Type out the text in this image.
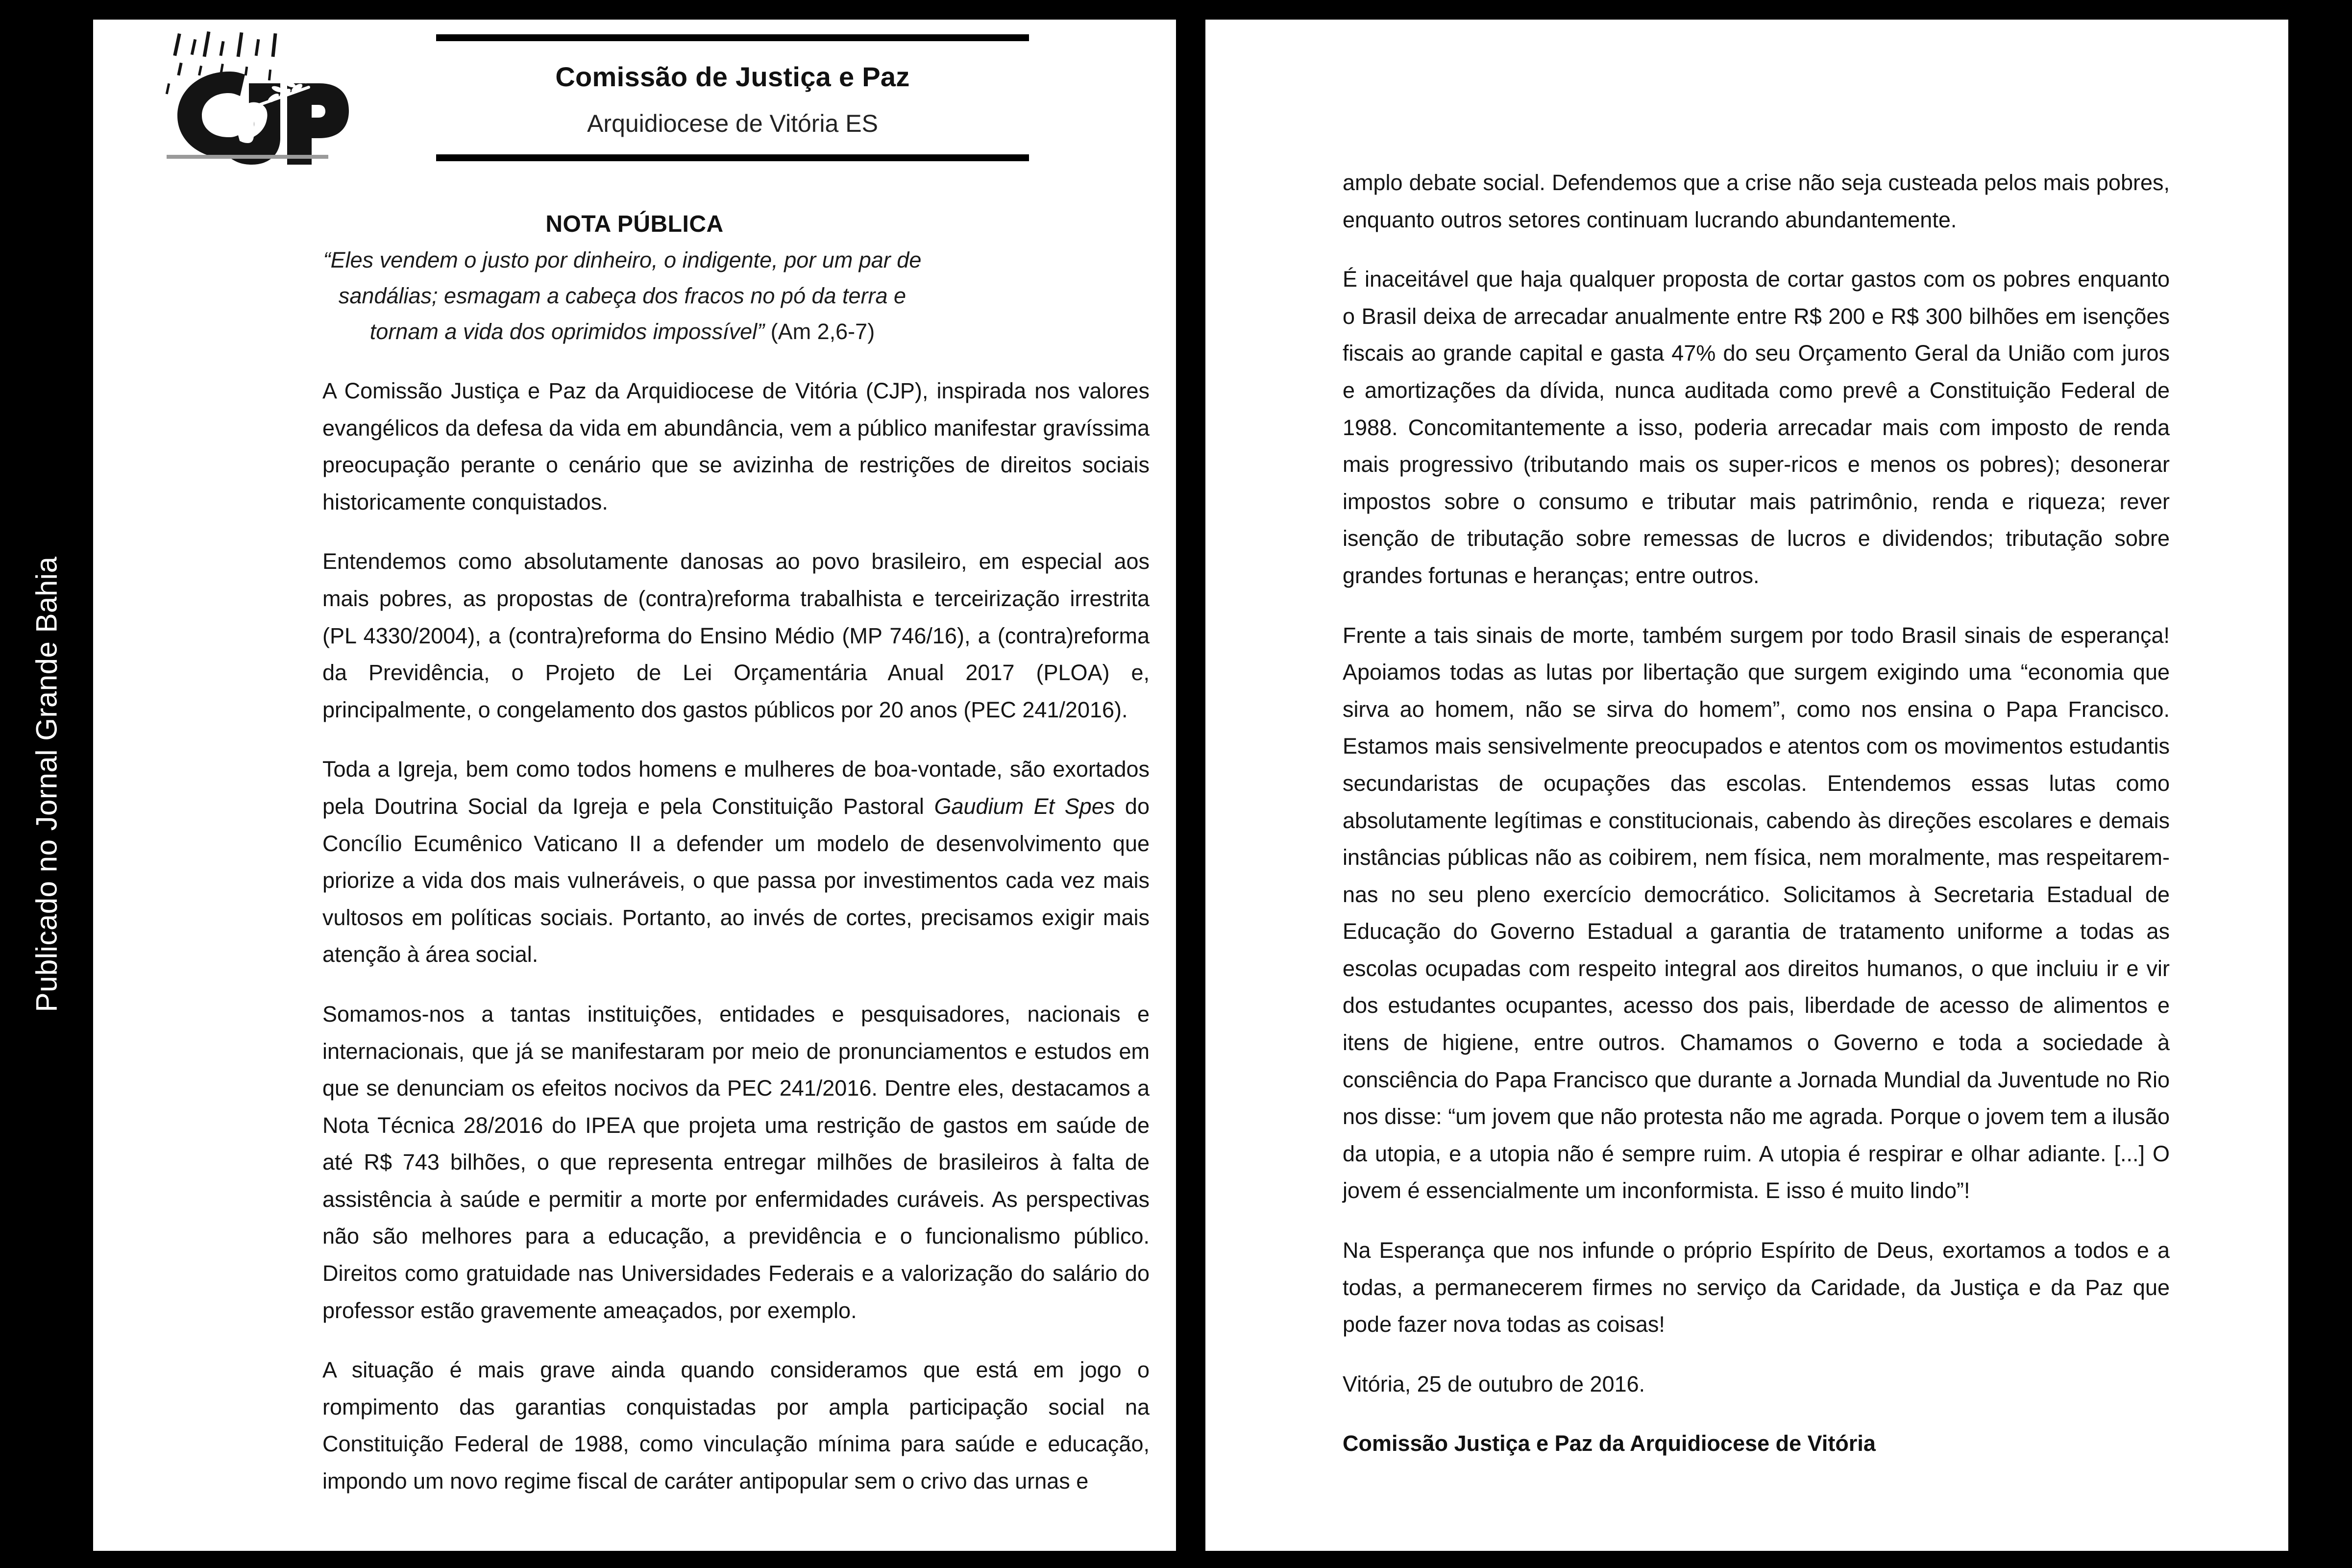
Publicado no Jornal Grande Bahia
Comissão de Justiça e Paz
Arquidiocese de Vitória ES
NOTA PÚBLICA
“Eles vendem o justo por dinheiro, o indigente, por um par de sandálias; esmagam a cabeça dos fracos no pó da terra e tornam a vida dos oprimidos impossível” (Am 2,6-7)

A Comissão Justiça e Paz da Arquidiocese de Vitória (CJP), inspirada nos valores evangélicos da defesa da vida em abundância, vem a público manifestar gravíssima preocupação perante o cenário que se avizinha de restrições de direitos sociais historicamente conquistados.

Entendemos como absolutamente danosas ao povo brasileiro, em especial aos mais pobres, as propostas de (contra)reforma trabalhista e terceirização irrestrita (PL 4330/2004), a (contra)reforma do Ensino Médio (MP 746/16), a (contra)reforma da Previdência, o Projeto de Lei Orçamentária Anual 2017 (PLOA) e, principalmente, o congelamento dos gastos públicos por 20 anos (PEC 241/2016).

Toda a Igreja, bem como todos homens e mulheres de boa-vontade, são exortados pela Doutrina Social da Igreja e pela Constituição Pastoral Gaudium Et Spes do Concílio Ecumênico Vaticano II a defender um modelo de desenvolvimento que priorize a vida dos mais vulneráveis, o que passa por investimentos cada vez mais vultosos em políticas sociais. Portanto, ao invés de cortes, precisamos exigir mais atenção à área social.

Somamos-nos a tantas instituições, entidades e pesquisadores, nacionais e internacionais, que já se manifestaram por meio de pronunciamentos e estudos em que se denunciam os efeitos nocivos da PEC 241/2016. Dentre eles, destacamos a Nota Técnica 28/2016 do IPEA que projeta uma restrição de gastos em saúde de até R$ 743 bilhões, o que representa entregar milhões de brasileiros à falta de assistência à saúde e permitir a morte por enfermidades curáveis. As perspectivas não são melhores para a educação, a previdência e o funcionalismo público. Direitos como gratuidade nas Universidades Federais e a valorização do salário do professor estão gravemente ameaçados, por exemplo.

A situação é mais grave ainda quando consideramos que está em jogo o rompimento das garantias conquistadas por ampla participação social na Constituição Federal de 1988, como vinculação mínima para saúde e educação, impondo um novo regime fiscal de caráter antipopular sem o crivo das urnas e

amplo debate social. Defendemos que a crise não seja custeada pelos mais pobres, enquanto outros setores continuam lucrando abundantemente.

É inaceitável que haja qualquer proposta de cortar gastos com os pobres enquanto o Brasil deixa de arrecadar anualmente entre R$ 200 e R$ 300 bilhões em isenções fiscais ao grande capital e gasta 47% do seu Orçamento Geral da União com juros e amortizações da dívida, nunca auditada como prevê a Constituição Federal de 1988. Concomitantemente a isso, poderia arrecadar mais com imposto de renda mais progressivo (tributando mais os super-ricos e menos os pobres); desonerar impostos sobre o consumo e tributar mais patrimônio, renda e riqueza; rever isenção de tributação sobre remessas de lucros e dividendos; tributação sobre grandes fortunas e heranças; entre outros.

Frente a tais sinais de morte, também surgem por todo Brasil sinais de esperança! Apoiamos todas as lutas por libertação que surgem exigindo uma “economia que sirva ao homem, não se sirva do homem”, como nos ensina o Papa Francisco. Estamos mais sensivelmente preocupados e atentos com os movimentos estudantis secundaristas de ocupações das escolas. Entendemos essas lutas como absolutamente legítimas e constitucionais, cabendo às direções escolares e demais instâncias públicas não as coibirem, nem física, nem moralmente, mas respeitarem-nas no seu pleno exercício democrático. Solicitamos à Secretaria Estadual de Educação do Governo Estadual a garantia de tratamento uniforme a todas as escolas ocupadas com respeito integral aos direitos humanos, o que incluiu ir e vir dos estudantes ocupantes, acesso dos pais, liberdade de acesso de alimentos e itens de higiene, entre outros. Chamamos o Governo e toda a sociedade à consciência do Papa Francisco que durante a Jornada Mundial da Juventude no Rio nos disse: “um jovem que não protesta não me agrada. Porque o jovem tem a ilusão da utopia, e a utopia não é sempre ruim. A utopia é respirar e olhar adiante. [...] O jovem é essencialmente um inconformista. E isso é muito lindo”!

Na Esperança que nos infunde o próprio Espírito de Deus, exortamos a todos e a todas, a permanecerem firmes no serviço da Caridade, da Justiça e da Paz que pode fazer nova todas as coisas!

Vitória, 25 de outubro de 2016.

Comissão Justiça e Paz da Arquidiocese de Vitória
